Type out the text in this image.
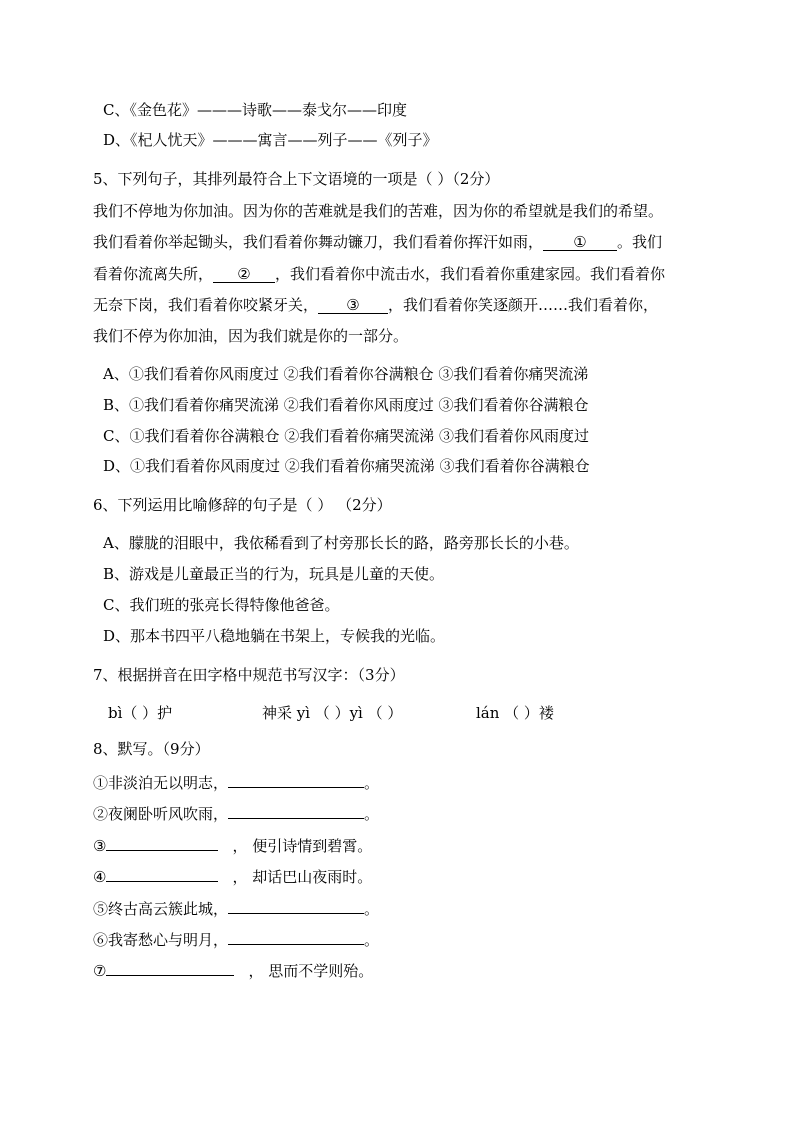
C、《金色花》———诗歌——泰戈尔——印度
D、《杞人忧天》———寓言——列子——《列子》
5、下列句子，其排列最符合上下文语境的一项是（ ）（2分）
我们不停地为你加油。因为你的苦难就是我们的苦难，因为你的希望就是我们的希望。
我们看着你举起锄头，我们看着你舞动镰刀，我们看着你挥汗如雨， ① 。我们
看着你流离失所， ② ，我们看着你中流击水，我们看着你重建家园。我们看着你
无奈下岗，我们看着你咬紧牙关， ③ ，我们看着你笑逐颜开……我们看着你，
我们不停为你加油，因为我们就是你的一部分。
A、①我们看着你风雨度过 ②我们看着你谷满粮仓 ③我们看着你痛哭流涕
B、①我们看着你痛哭流涕 ②我们看着你风雨度过 ③我们看着你谷满粮仓
C、①我们看着你谷满粮仓 ②我们看着你痛哭流涕 ③我们看着你风雨度过
D、①我们看着你风雨度过 ②我们看着你痛哭流涕 ③我们看着你谷满粮仓
6、下列运用比喻修辞的句子是（ ） （2分）
A、朦胧的泪眼中，我依稀看到了村旁那长长的路，路旁那长长的小巷。
B、游戏是儿童最正当的行为，玩具是儿童的天使。
C、我们班的张亮长得特像他爸爸。
D、那本书四平八稳地躺在书架上，专候我的光临。
7、根据拼音在田字格中规范书写汉字：（3分）
bì（ ）护	神采 yì （ ）yì （ ）	lán （ ）褛
8、默写。（9分）
①非淡泊无以明志，	。
②夜阑卧听风吹雨，	。
③	， 便引诗情到碧霄。
④	， 却话巴山夜雨时。
⑤终古高云簇此城，	。
⑥我寄愁心与明月，	。
⑦	， 思而不学则殆。
